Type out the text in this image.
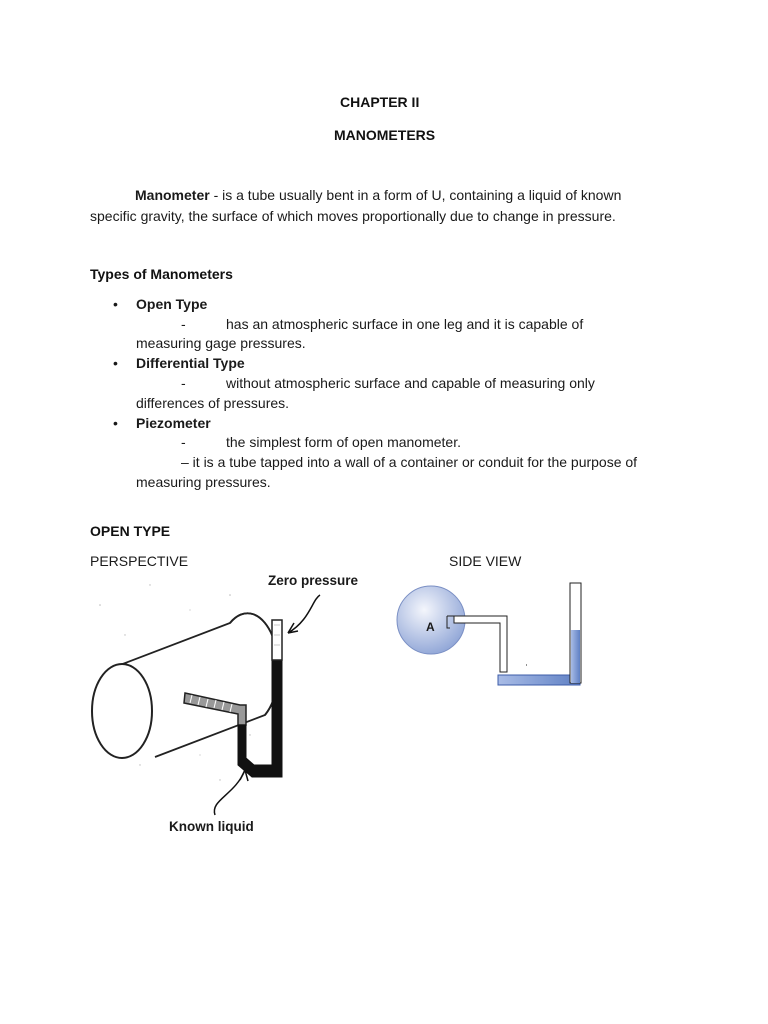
CHAPTER II
MANOMETERS
Manometer - is a tube usually bent in a form of U, containing a liquid of known
specific gravity, the surface of which moves proportionally due to change in pressure.
Types of Manometers
• Open Type
-	has an atmospheric surface in one leg and it is capable of
measuring gage pressures.
• Differential Type
-	without atmospheric surface and capable of measuring only
differences of pressures.
• Piezometer
-	the simplest form of open manometer.
– it is a tube tapped into a wall of a container or conduit for the purpose of
measuring pressures.
OPEN TYPE
PERSPECTIVE	SIDE VIEW
Zero pressure
Known liquid
A
